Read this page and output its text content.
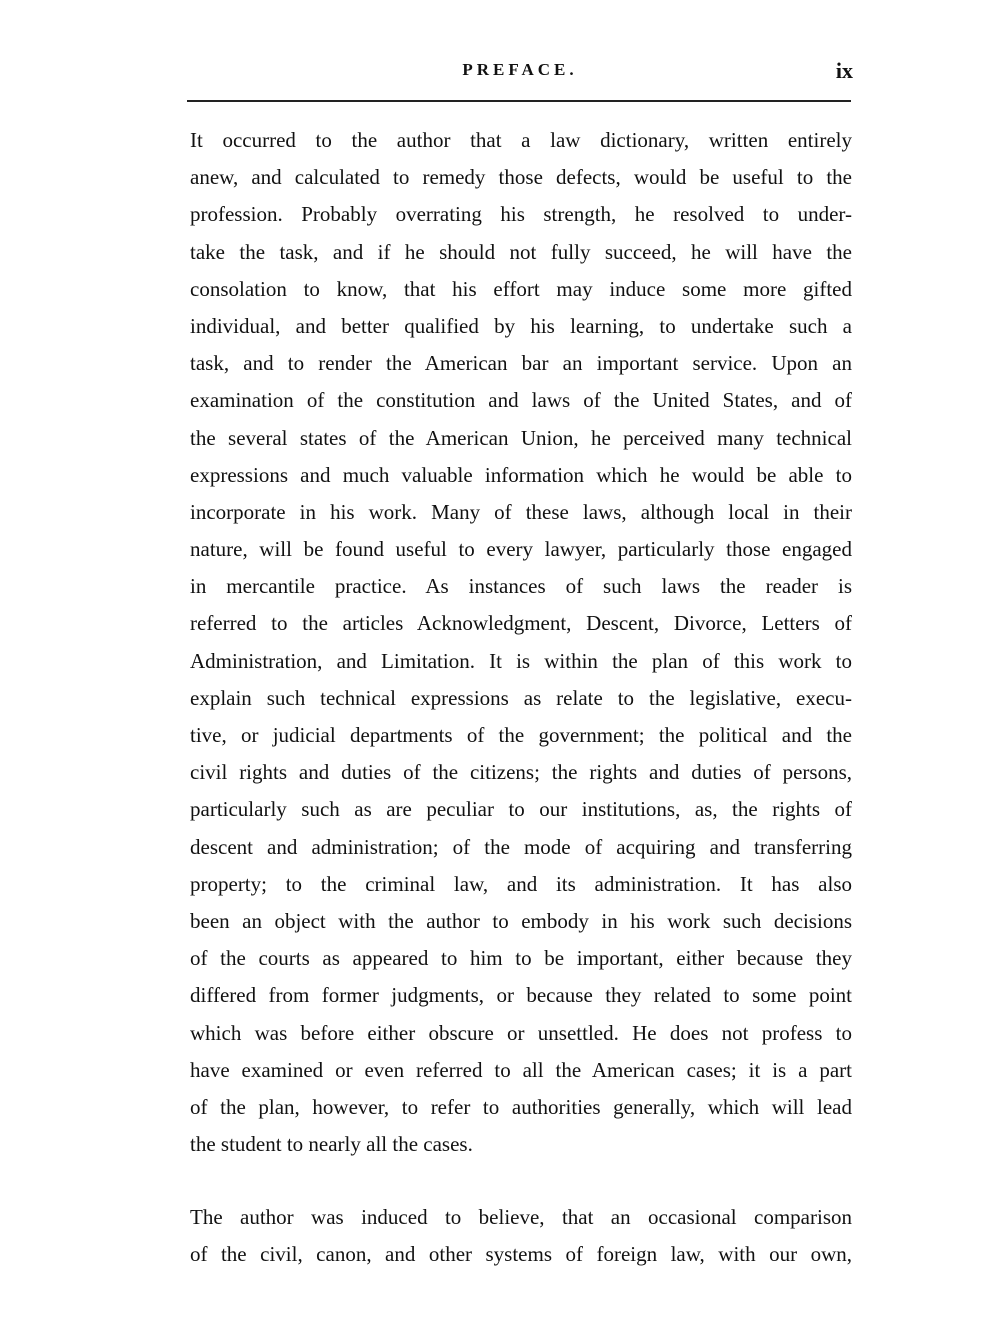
PREFACE.	ix
It occurred to the author that a law dictionary, written entirely
anew, and calculated to remedy those defects, would be useful to the
profession. Probably overrating his strength, he resolved to under-
take the task, and if he should not fully succeed, he will have the
consolation to know, that his effort may induce some more gifted
individual, and better qualified by his learning, to undertake such a
task, and to render the American bar an important service. Upon an
examination of the constitution and laws of the United States, and of
the several states of the American Union, he perceived many technical
expressions and much valuable information which he would be able to
incorporate in his work. Many of these laws, although local in their
nature, will be found useful to every lawyer, particularly those engaged
in mercantile practice. As instances of such laws the reader is
referred to the articles Acknowledgment, Descent, Divorce, Letters of
Administration, and Limitation. It is within the plan of this work to
explain such technical expressions as relate to the legislative, execu-
tive, or judicial departments of the government; the political and the
civil rights and duties of the citizens; the rights and duties of persons,
particularly such as are peculiar to our institutions, as, the rights of
descent and administration; of the mode of acquiring and transferring
property; to the criminal law, and its administration. It has also
been an object with the author to embody in his work such decisions
of the courts as appeared to him to be important, either because they
differed from former judgments, or because they related to some point
which was before either obscure or unsettled. He does not profess to
have examined or even referred to all the American cases; it is a part
of the plan, however, to refer to authorities generally, which will lead
the student to nearly all the cases.
The author was induced to believe, that an occasional comparison
of the civil, canon, and other systems of foreign law, with our own,
